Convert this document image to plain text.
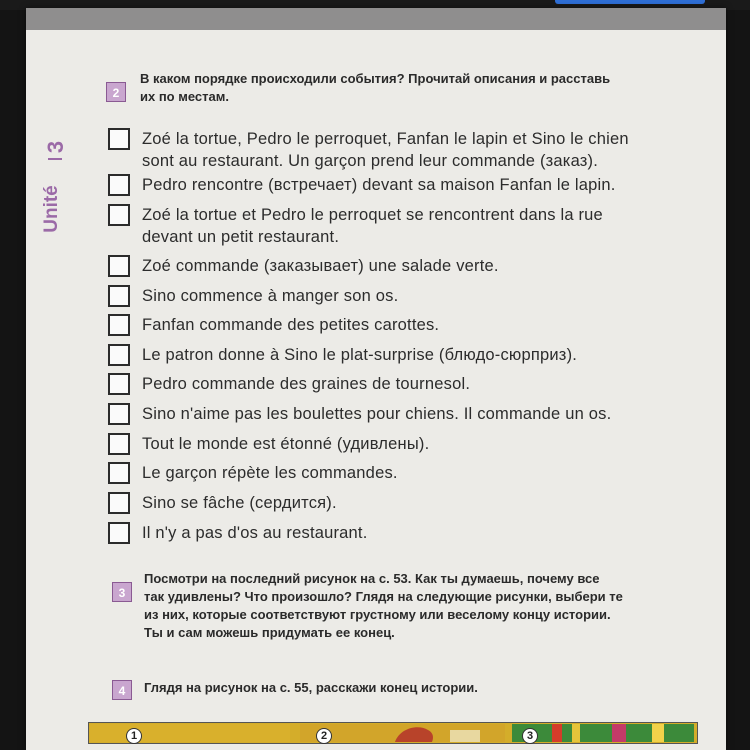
3
Unité
2
В каком порядке происходили события? Прочитай описания и расставь
их по местам.
Zoé la tortue, Pedro le perroquet, Fanfan le lapin et Sino le chien
sont au restaurant. Un garçon prend leur commande (заказ).
Pedro rencontre (встречает) devant sa maison Fanfan le lapin.
Zoé la tortue et Pedro le perroquet se rencontrent dans la rue
devant un petit restaurant.
Zoé commande (заказывает) une salade verte.
Sino commence à manger son os.
Fanfan commande des petites carottes.
Le patron donne à Sino le plat-surprise (блюдо-сюрприз).
Pedro commande des graines de tournesol.
Sino n'aime pas les boulettes pour chiens. Il commande un os.
Tout le monde est étonné (удивлены).
Le garçon répète les commandes.
Sino se fâche (сердится).
Il n'y a pas d'os au restaurant.
3
Посмотри на последний рисунок на с. 53. Как ты думаешь, почему все
так удивлены? Что произошло? Глядя на следующие рисунки, выбери те
из них, которые соответствуют грустному или веселому концу истории.
Ты и сам можешь придумать ее конец.
4	Глядя на рисунок на с. 55, расскажи конец истории.
1	2	3
